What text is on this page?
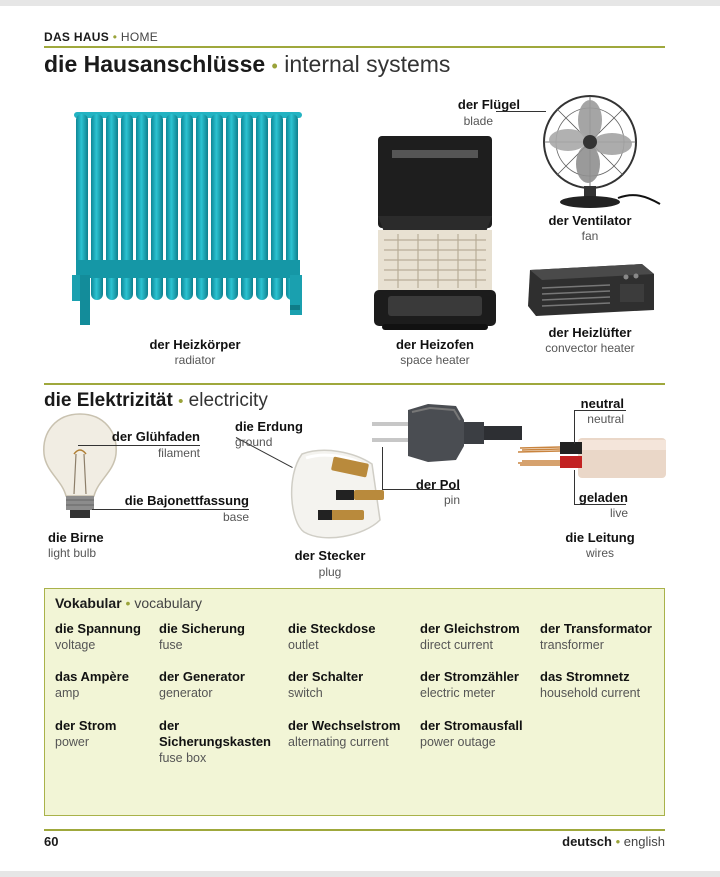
DAS HAUS • HOME
die Hausanschlüsse • internal systems
der Heizkörper
radiator
der Heizofen
space heater
der Flügel
blade
der Ventilator
fan
der Heizlüfter
convector heater
die Elektrizität • electricity
der Glühfaden
filament
die Bajonettfassung
base
die Birne
light bulb
die Erdung
ground
der Stecker
plug
der Pol
pin
neutral
neutral
geladen
live
die Leitung
wires
Vokabular • vocabulary
die Spannung
voltage
die Sicherung
fuse
die Steckdose
outlet
der Gleichstrom
direct current
der Transformator
transformer
das Ampère
amp
der Generator
generator
der Schalter
switch
der Stromzähler
electric meter
das Stromnetz
household current
der Strom
power
der
Sicherungskasten
fuse box
der Wechselstrom
alternating current
der Stromausfall
power outage
60	deutsch • english
